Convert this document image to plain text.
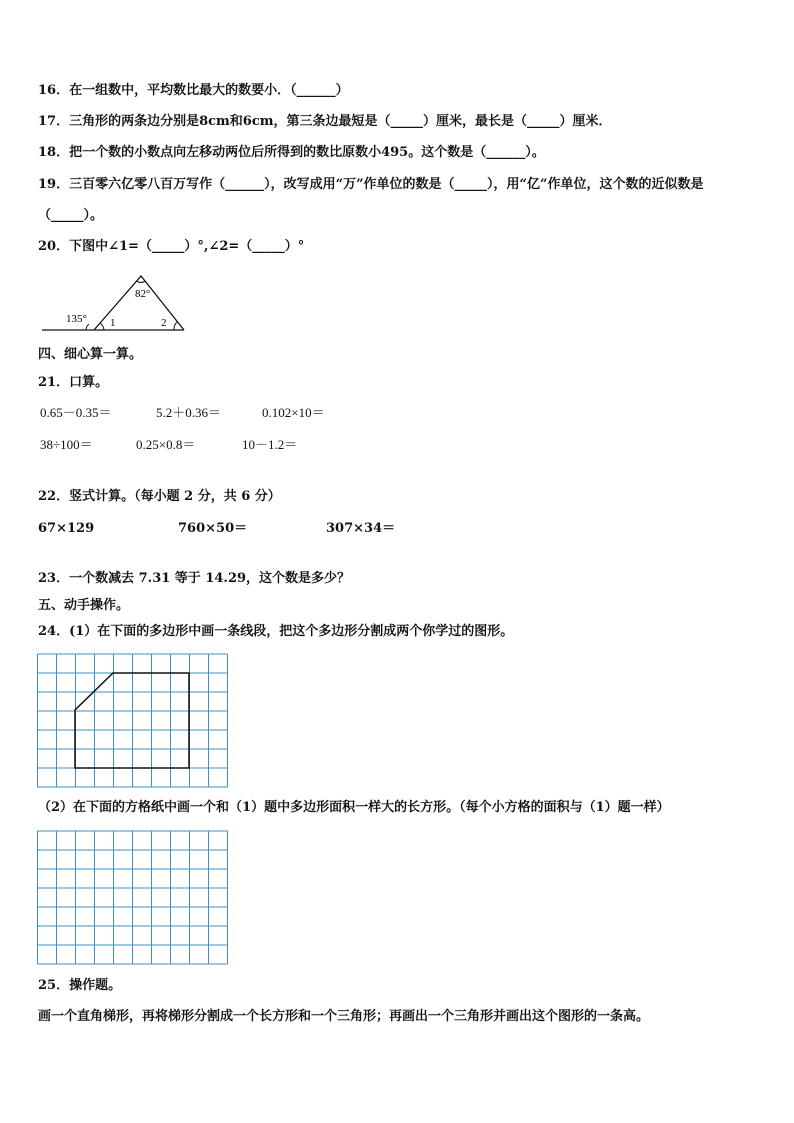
16．在一组数中，平均数比最大的数要小．（______）
17．三角形的两条边分别是8cm和6cm，第三条边最短是（_____）厘米，最长是（_____）厘米．
18．把一个数的小数点向左移动两位后所得到的数比原数小495。这个数是（______）。
19．三百零六亿零八百万写作（______），改写成用“万”作单位的数是（_____），用“亿”作单位，这个数的近似数是
（_____）。
20．下图中∠1=（_____）°,∠2=（_____）°
135°
82°
1	2
四、细心算一算。
21．口算。
0.65－0.35＝	5.2＋0.36＝	0.102×10＝
38÷100＝	0.25×0.8＝	10－1.2＝
22．竖式计算。（每小题 2 分，共 6 分）
67×129	760×50＝	307×34＝
23．一个数减去 7.31 等于 14.29，这个数是多少？
五、动手操作。
24．(1）在下面的多边形中画一条线段，把这个多边形分割成两个你学过的图形。
（2）在下面的方格纸中画一个和（1）题中多边形面积一样大的长方形。（每个小方格的面积与（1）题一样）
25．操作题。
画一个直角梯形，再将梯形分割成一个长方形和一个三角形；再画出一个三角形并画出这个图形的一条高。
